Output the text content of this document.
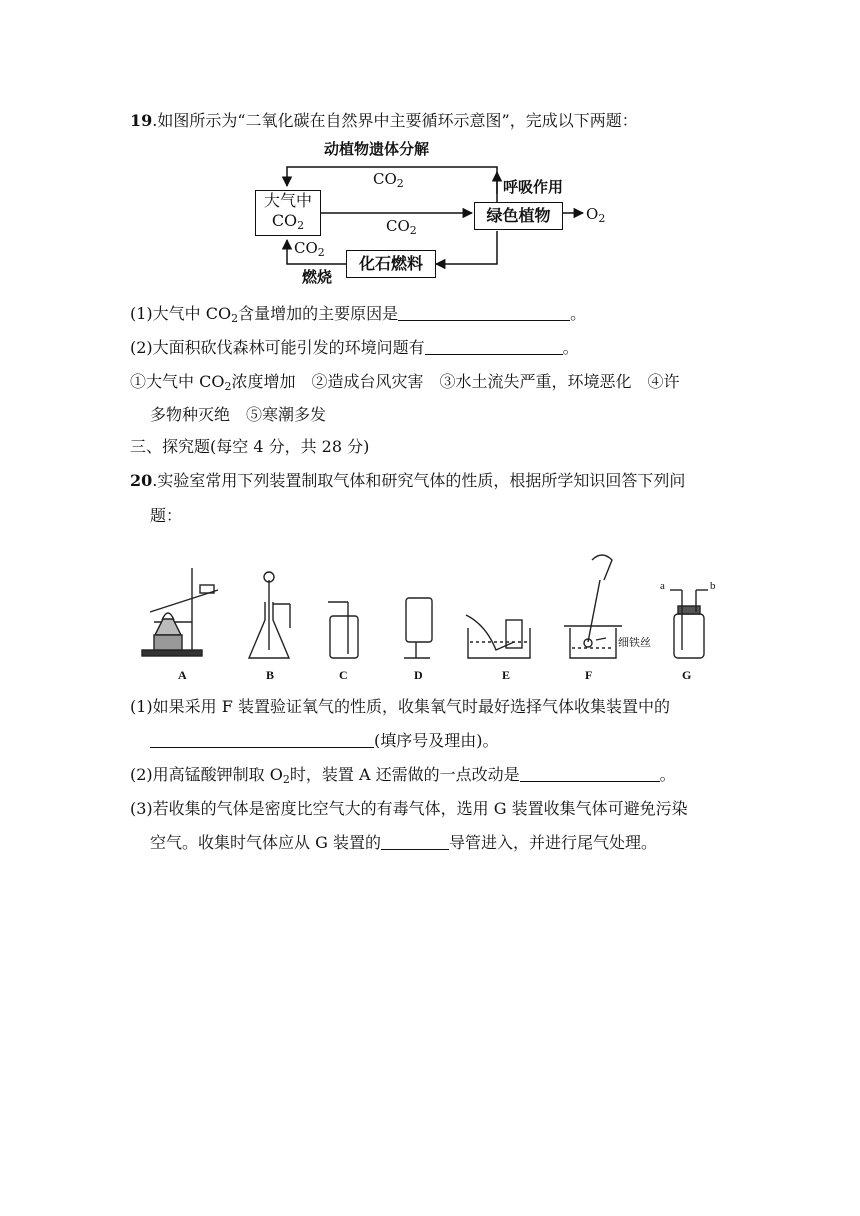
19.如图所示为“二氧化碳在自然界中主要循环示意图”，完成以下两题：
动植物遗体分解
$CO_2$
大气中
$CO_2$	$CO_2$
呼吸作用
绿色植物	$O_2$
化石燃料
$CO_2$
燃烧
(1)大气中 $CO_2$含量增加的主要原因是	。
(2)大面积砍伐森林可能引发的环境问题有	。
①大气中 $CO_2$浓度增加　②造成台风灾害　③水土流失严重，环境恶化　④许
多物种灭绝　⑤寒潮多发
三、探究题(每空 4 分，共 28 分)
20.实验室常用下列装置制取气体和研究气体的性质，根据所学知识回答下列问
题：
A	B	C	D	E	F	G
细铁丝
a	b
(1)如果采用 F 装置验证氧气的性质，收集氧气时最好选择气体收集装置中的
(填序号及理由)。
(2)用高锰酸钾制取 $O_2$时，装置 A 还需做的一点改动是	。
(3)若收集的气体是密度比空气大的有毒气体，选用 G 装置收集气体可避免污染
空气。收集时气体应从 G 装置的	导管进入，并进行尾气处理。
